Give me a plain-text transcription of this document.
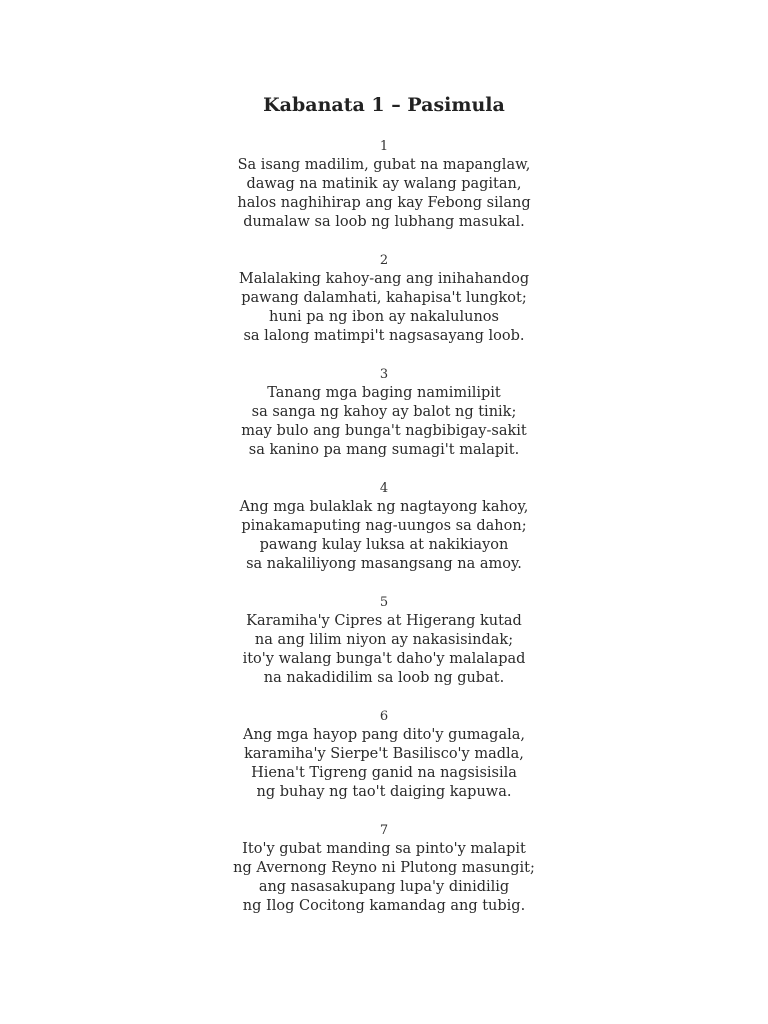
Kabanata 1 – Pasimula
1
Sa isang madilim, gubat na mapanglaw,
dawag na matinik ay walang pagitan,
halos naghihirap ang kay Febong silang
dumalaw sa loob ng lubhang masukal.
2
Malalaking kahoy-ang ang inihahandog
pawang dalamhati, kahapisa't lungkot;
huni pa ng ibon ay nakalulunos
sa lalong matimpi't nagsasayang loob.
3
Tanang mga baging namimilipit
sa sanga ng kahoy ay balot ng tinik;
may bulo ang bunga't nagbibigay-sakit
sa kanino pa mang sumagi't malapit.
4
Ang mga bulaklak ng nagtayong kahoy,
pinakamaputing nag-uungos sa dahon;
pawang kulay luksa at nakikiayon
sa nakaliliyong masangsang na amoy.
5
Karamiha'y Cipres at Higerang kutad
na ang lilim niyon ay nakasisindak;
ito'y walang bunga't daho'y malalapad
na nakadidilim sa loob ng gubat.
6
Ang mga hayop pang dito'y gumagala,
karamiha'y Sierpe't Basilisco'y madla,
Hiena't Tigreng ganid na nagsisisila
ng buhay ng tao't daiging kapuwa.
7
Ito'y gubat manding sa pinto'y malapit
ng Avernong Reyno ni Plutong masungit;
ang nasasakupang lupa'y dinidilig
ng Ilog Cocitong kamandag ang tubig.
